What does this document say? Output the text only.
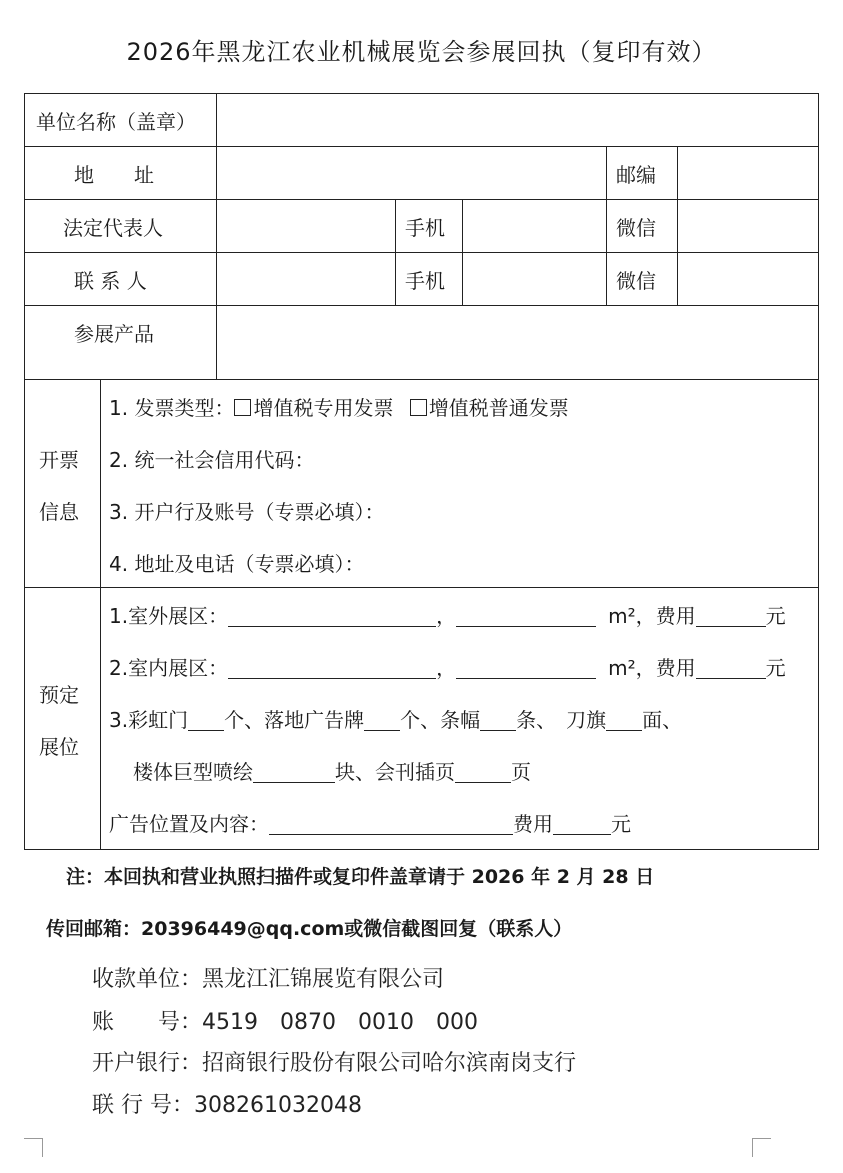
2026年黑龙江农业机械展览会参展回执（复印有效）
单位名称（盖章）
地　　址	邮编
法定代表人	手机	微信
联 系 人	手机	微信
参展产品
开票
信息
1. 发票类型： 增值税专用发票 增值税普通发票
2. 统一社会信用代码：
3. 开户行及账号（专票必填）：
4. 地址及电话（专票必填）：
预定
展位
1.室外展区：	，	m²，费用	元
2.室内展区：	，	m²，费用	元
3.彩虹门 个、落地广告牌 个、条幅 条、　刀旗 面、
楼体巨型喷绘	块、会刊插页	页
广告位置及内容：	费用	元
注：本回执和营业执照扫描件或复印件盖章请于 2026 年 2 月 28 日
传回邮箱：20396449@qq.com或微信截图回复（联系人）
收款单位：黑龙江汇锦展览有限公司
账　　号：4519　0870　0010　000
开户银行：招商银行股份有限公司哈尔滨南岗支行
联 行 号：308261032048
